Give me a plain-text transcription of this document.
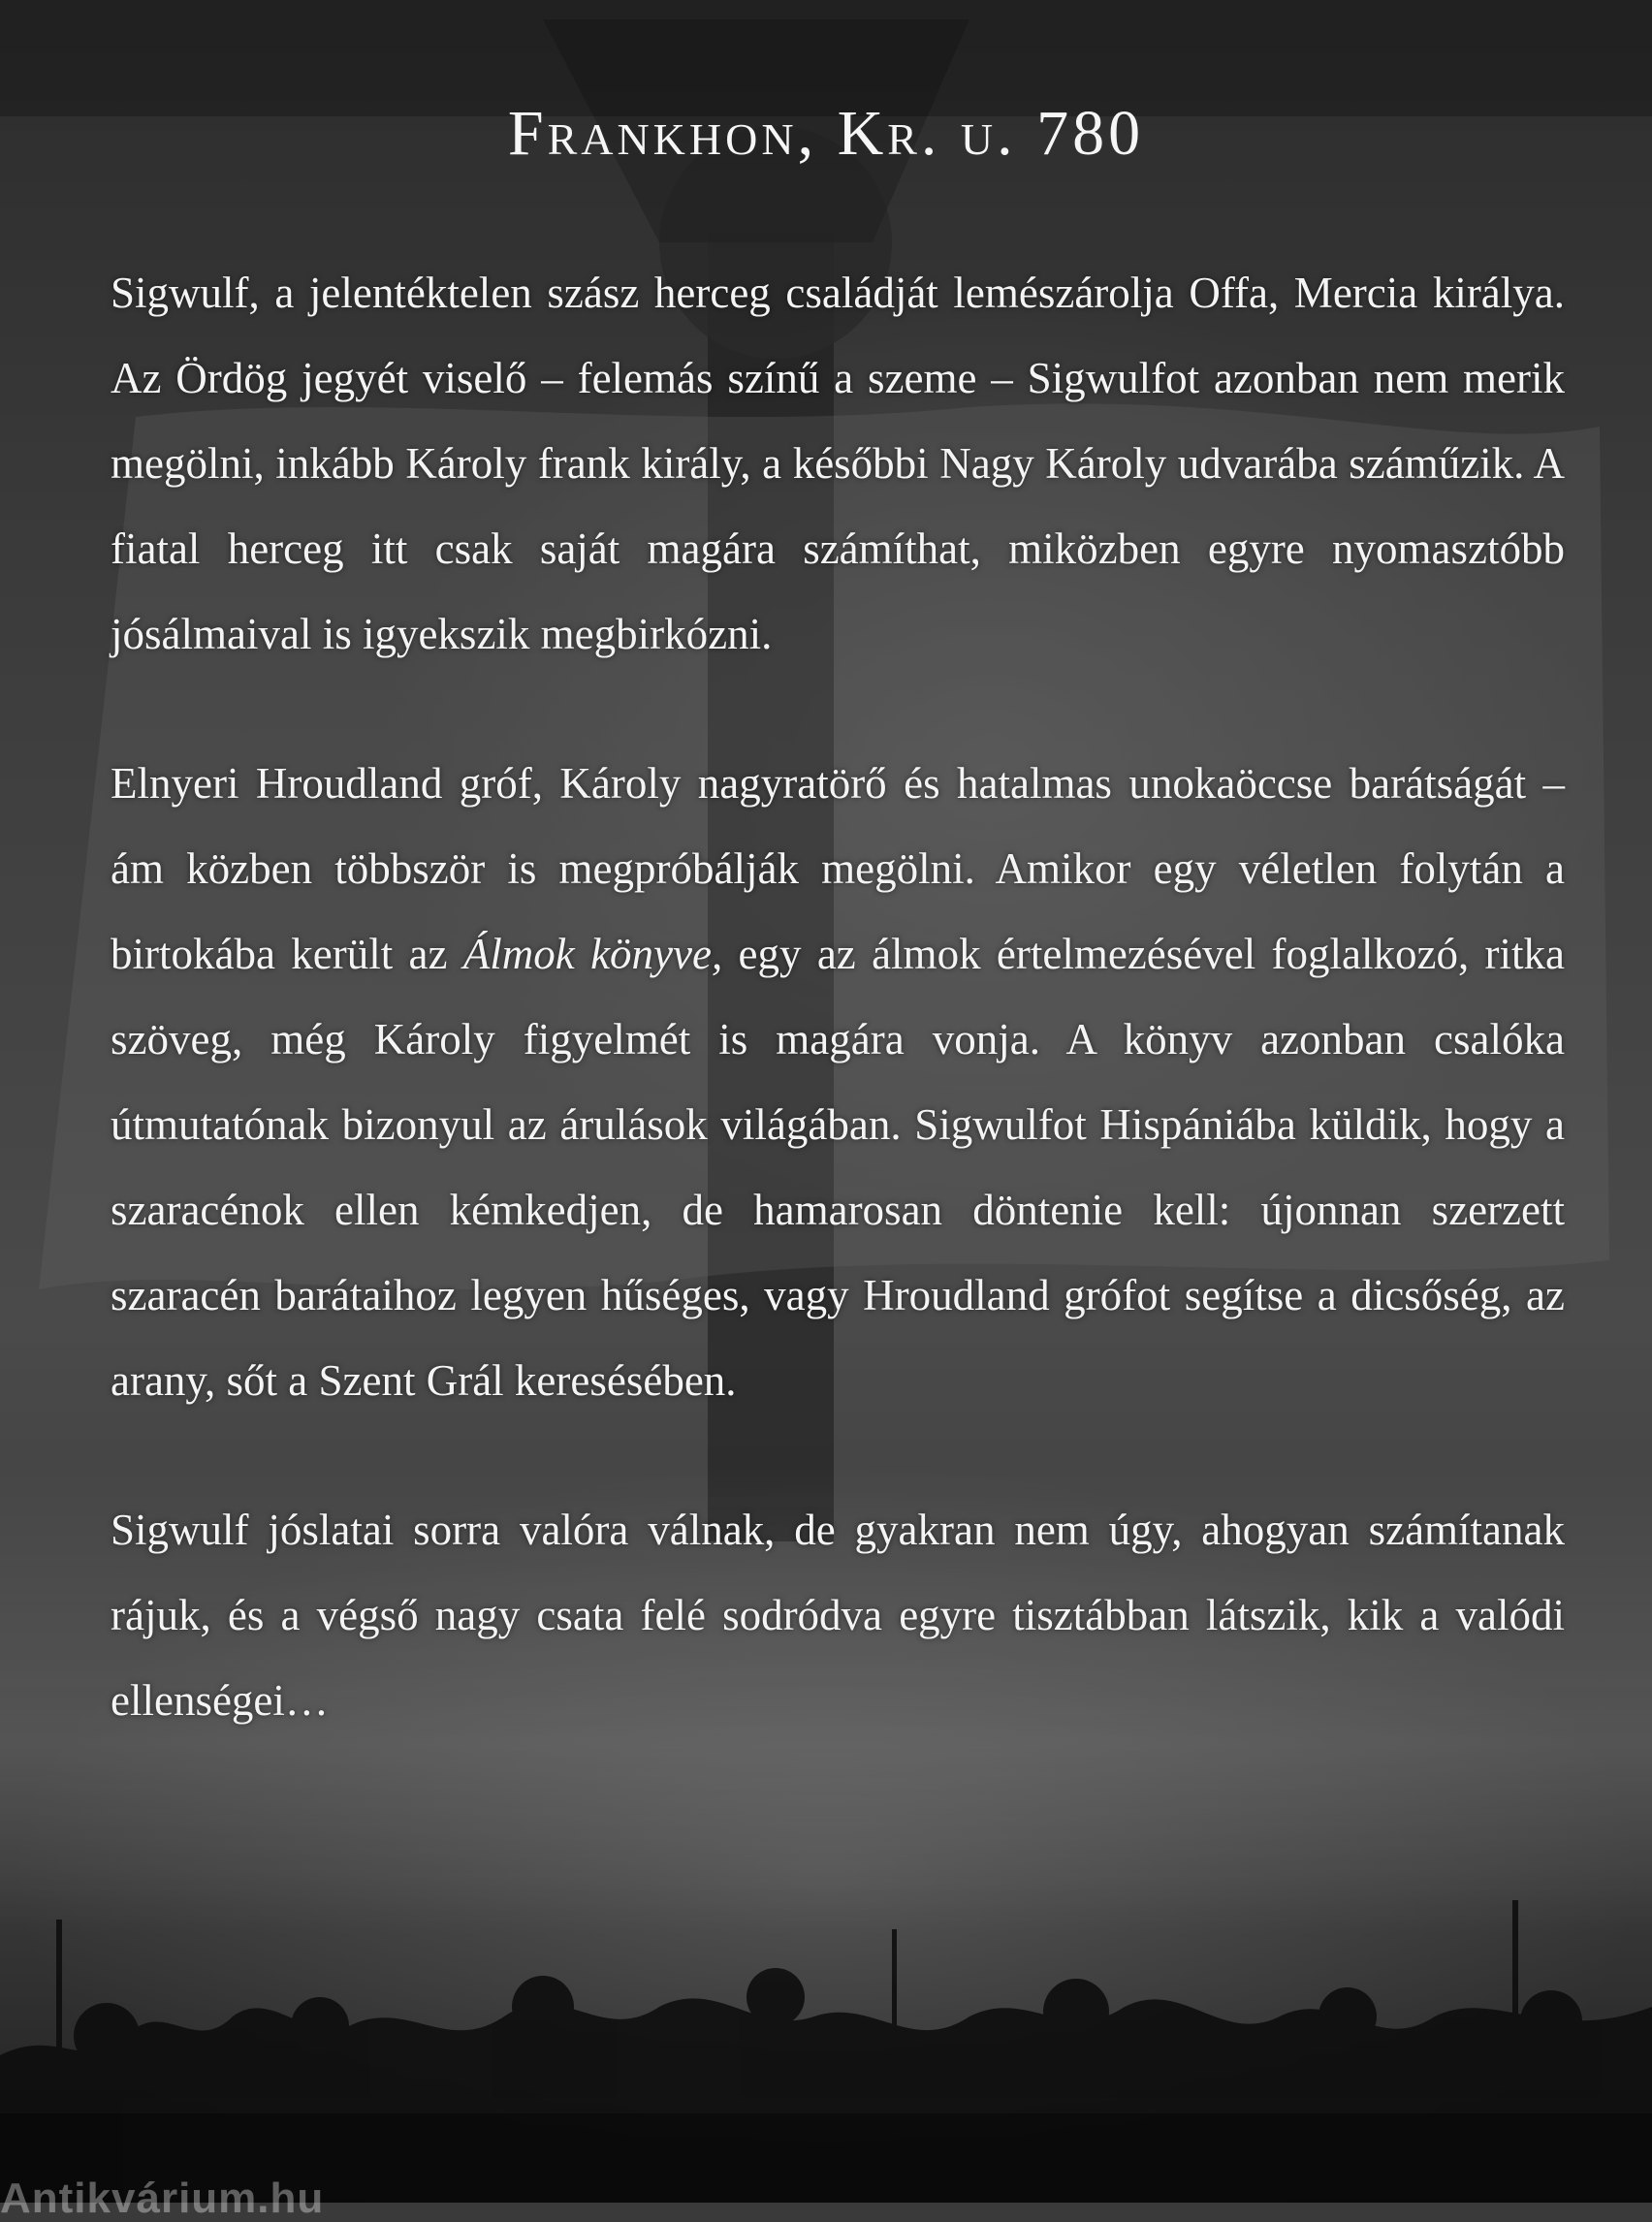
Frankhon, Kr. u. 780

Sigwulf, a jelentéktelen szász herceg családját lemészárolja Offa, Mercia királya. Az Ördög jegyét viselő – felemás színű a szeme – Sigwulfot azonban nem merik megölni, inkább Károly frank király, a későbbi Nagy Károly udvarába száműzik. A fiatal herceg itt csak saját magára számíthat, miközben egyre nyomasztóbb jósálmaival is igyekszik megbirkózni.

Elnyeri Hroudland gróf, Károly nagyratörő és hatalmas unokaöccse barátságát – ám közben többször is megpróbálják megölni. Amikor egy véletlen folytán a birtokába került az Álmok könyve, egy az álmok értelmezésével foglalkozó, ritka szöveg, még Károly figyelmét is magára vonja. A könyv azonban csalóka útmutatónak bizonyul az árulások világában. Sigwulfot Hispániába küldik, hogy a szaracénok ellen kémkedjen, de hamarosan döntenie kell: újonnan szerzett szaracén barátaihoz legyen hűséges, vagy Hroudland grófot segítse a dicsőség, az arany, sőt a Szent Grál keresésében.

Sigwulf jóslatai sorra valóra válnak, de gyakran nem úgy, ahogyan számítanak rájuk, és a végső nagy csata felé sodródva egyre tisztábban látszik, kik a valódi ellenségei…

Antikvárium.hu
